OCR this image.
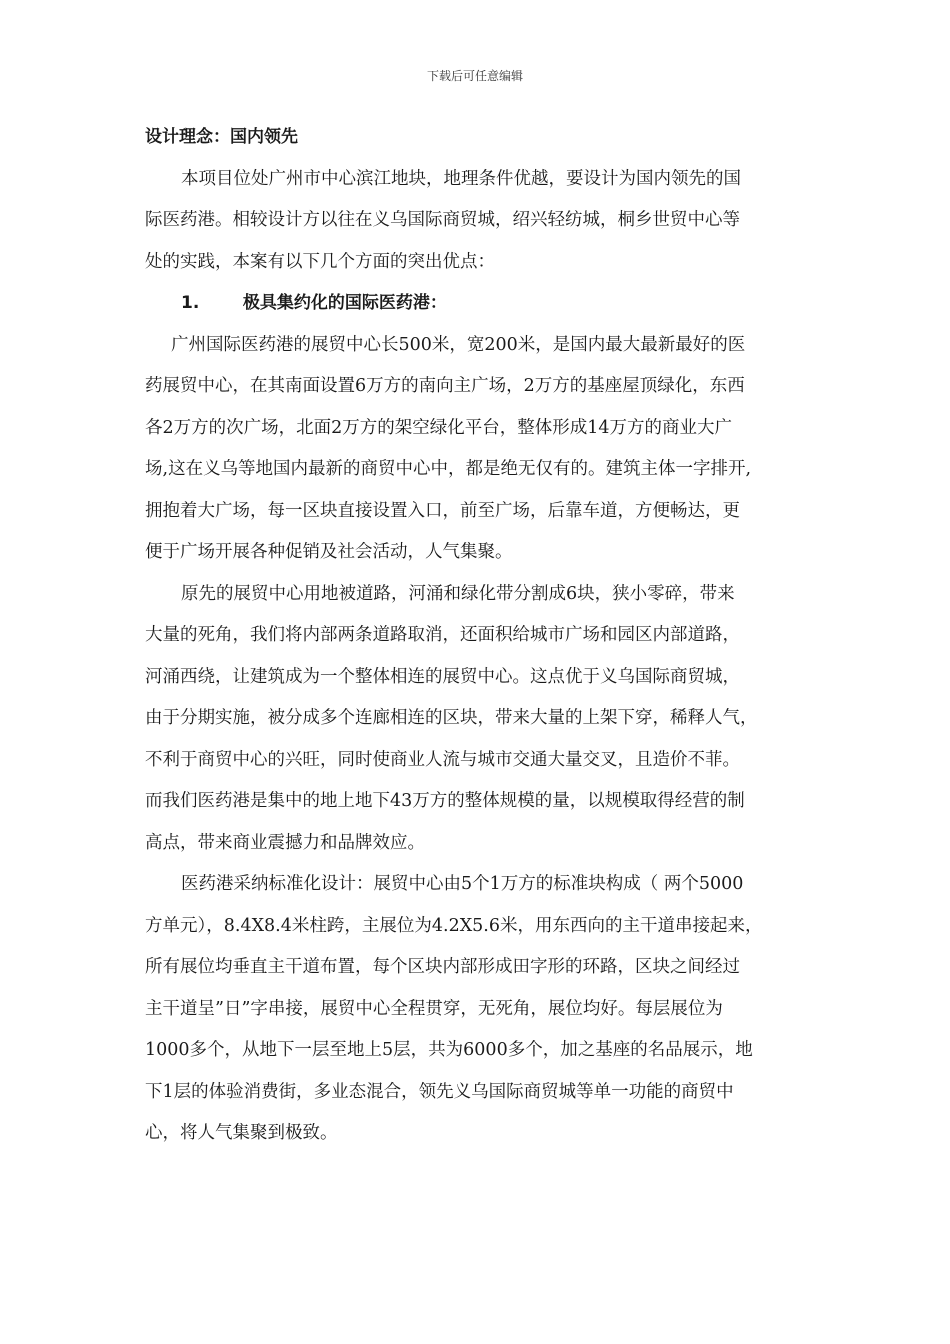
下载后可任意编辑
设计理念：国内领先
本项目位处广州市中心滨江地块，地理条件优越，要设计为国内领先的国
际医药港。相较设计方以往在义乌国际商贸城，绍兴轻纺城，桐乡世贸中心等
处的实践，本案有以下几个方面的突出优点：
1.	极具集约化的国际医药港：
广州国际医药港的展贸中心长500米，宽200米，是国内最大最新最好的医
药展贸中心，在其南面设置6万方的南向主广场，2万方的基座屋顶绿化，东西
各2万方的次广场，北面2万方的架空绿化平台，整体形成14万方的商业大广
场,这在义乌等地国内最新的商贸中心中，都是绝无仅有的。建筑主体一字排开,
拥抱着大广场，每一区块直接设置入口，前至广场，后靠车道，方便畅达，更
便于广场开展各种促销及社会活动，人气集聚。
原先的展贸中心用地被道路，河涌和绿化带分割成6块，狭小零碎，带来
大量的死角，我们将内部两条道路取消，还面积给城市广场和园区内部道路，
河涌西绕，让建筑成为一个整体相连的展贸中心。这点优于义乌国际商贸城，
由于分期实施，被分成多个连廊相连的区块，带来大量的上架下穿，稀释人气，
不利于商贸中心的兴旺，同时使商业人流与城市交通大量交叉，且造价不菲。
而我们医药港是集中的地上地下43万方的整体规模的量，以规模取得经营的制
高点，带来商业震撼力和品牌效应。
医药港采纳标准化设计：展贸中心由5个1万方的标准块构成（ 两个5000
方单元），8.4X8.4米柱跨，主展位为4.2X5.6米，用东西向的主干道串接起来，
所有展位均垂直主干道布置，每个区块内部形成田字形的环路，区块之间经过
主干道呈”日”字串接，展贸中心全程贯穿，无死角，展位均好。每层展位为
1000多个，从地下一层至地上5层，共为6000多个，加之基座的名品展示，地
下1层的体验消费街，多业态混合，领先义乌国际商贸城等单一功能的商贸中
心，将人气集聚到极致。
